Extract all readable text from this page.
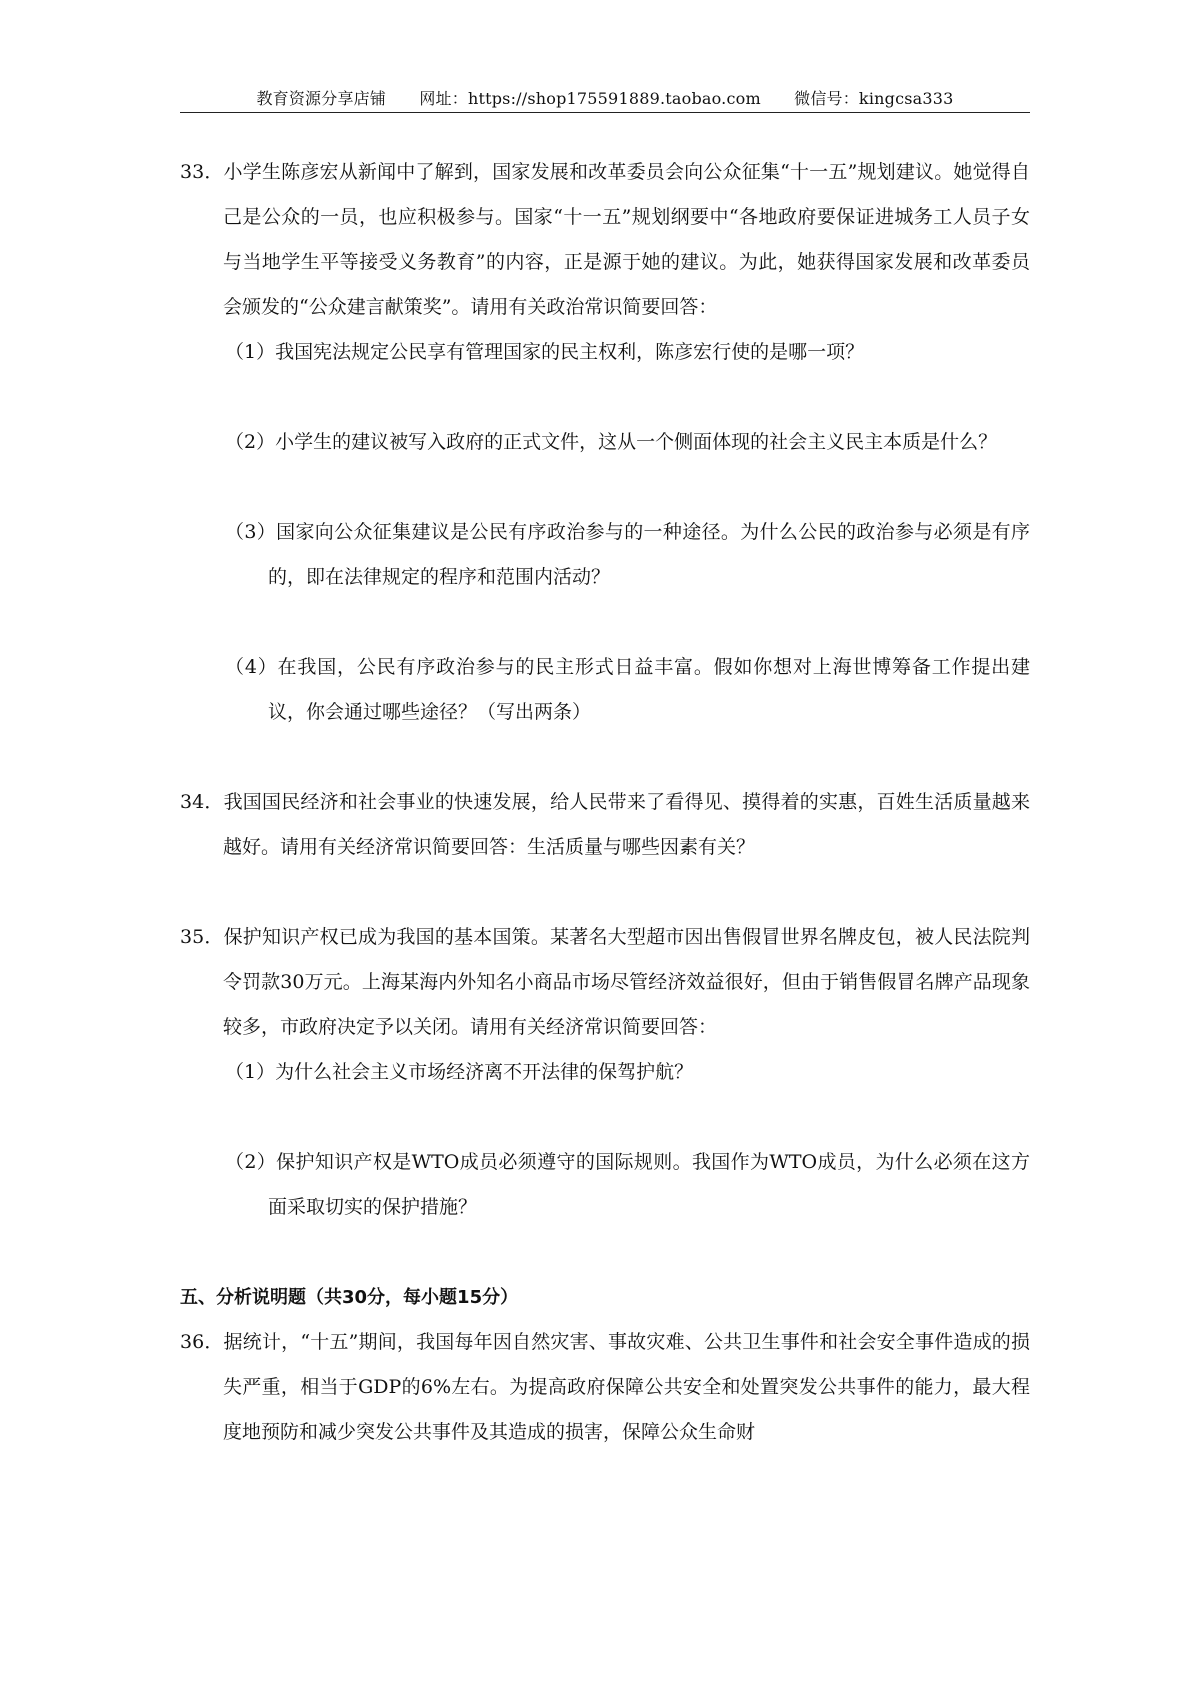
教育资源分享店铺 网址：https://shop175591889.taobao.com 微信号：kingcsa333

33．小学生陈彦宏从新闻中了解到，国家发展和改革委员会向公众征集“十一五”规划建议。她觉得自己是公众的一员，也应积极参与。国家“十一五”规划纲要中“各地政府要保证进城务工人员子女与当地学生平等接受义务教育”的内容，正是源于她的建议。为此，她获得国家发展和改革委员会颁发的“公众建言献策奖”。请用有关政治常识简要回答：

（1）我国宪法规定公民享有管理国家的民主权利，陈彦宏行使的是哪一项？

（2）小学生的建议被写入政府的正式文件，这从一个侧面体现的社会主义民主本质是什么？

（3）国家向公众征集建议是公民有序政治参与的一种途径。为什么公民的政治参与必须是有序的，即在法律规定的程序和范围内活动？

（4）在我国，公民有序政治参与的民主形式日益丰富。假如你想对上海世博筹备工作提出建议，你会通过哪些途径？（写出两条）

34．我国国民经济和社会事业的快速发展，给人民带来了看得见、摸得着的实惠，百姓生活质量越来越好。请用有关经济常识简要回答：生活质量与哪些因素有关？

35．保护知识产权已成为我国的基本国策。某著名大型超市因出售假冒世界名牌皮包，被人民法院判令罚款30万元。上海某海内外知名小商品市场尽管经济效益很好，但由于销售假冒名牌产品现象较多，市政府决定予以关闭。请用有关经济常识简要回答：

（1）为什么社会主义市场经济离不开法律的保驾护航？

（2）保护知识产权是WTO成员必须遵守的国际规则。我国作为WTO成员，为什么必须在这方面采取切实的保护措施？

五、分析说明题（共30分，每小题15分）

36．据统计，“十五”期间，我国每年因自然灾害、事故灾难、公共卫生事件和社会安全事件造成的损失严重，相当于GDP的6%左右。为提高政府保障公共安全和处置突发公共事件的能力，最大程度地预防和减少突发公共事件及其造成的损害，保障公众生命财
